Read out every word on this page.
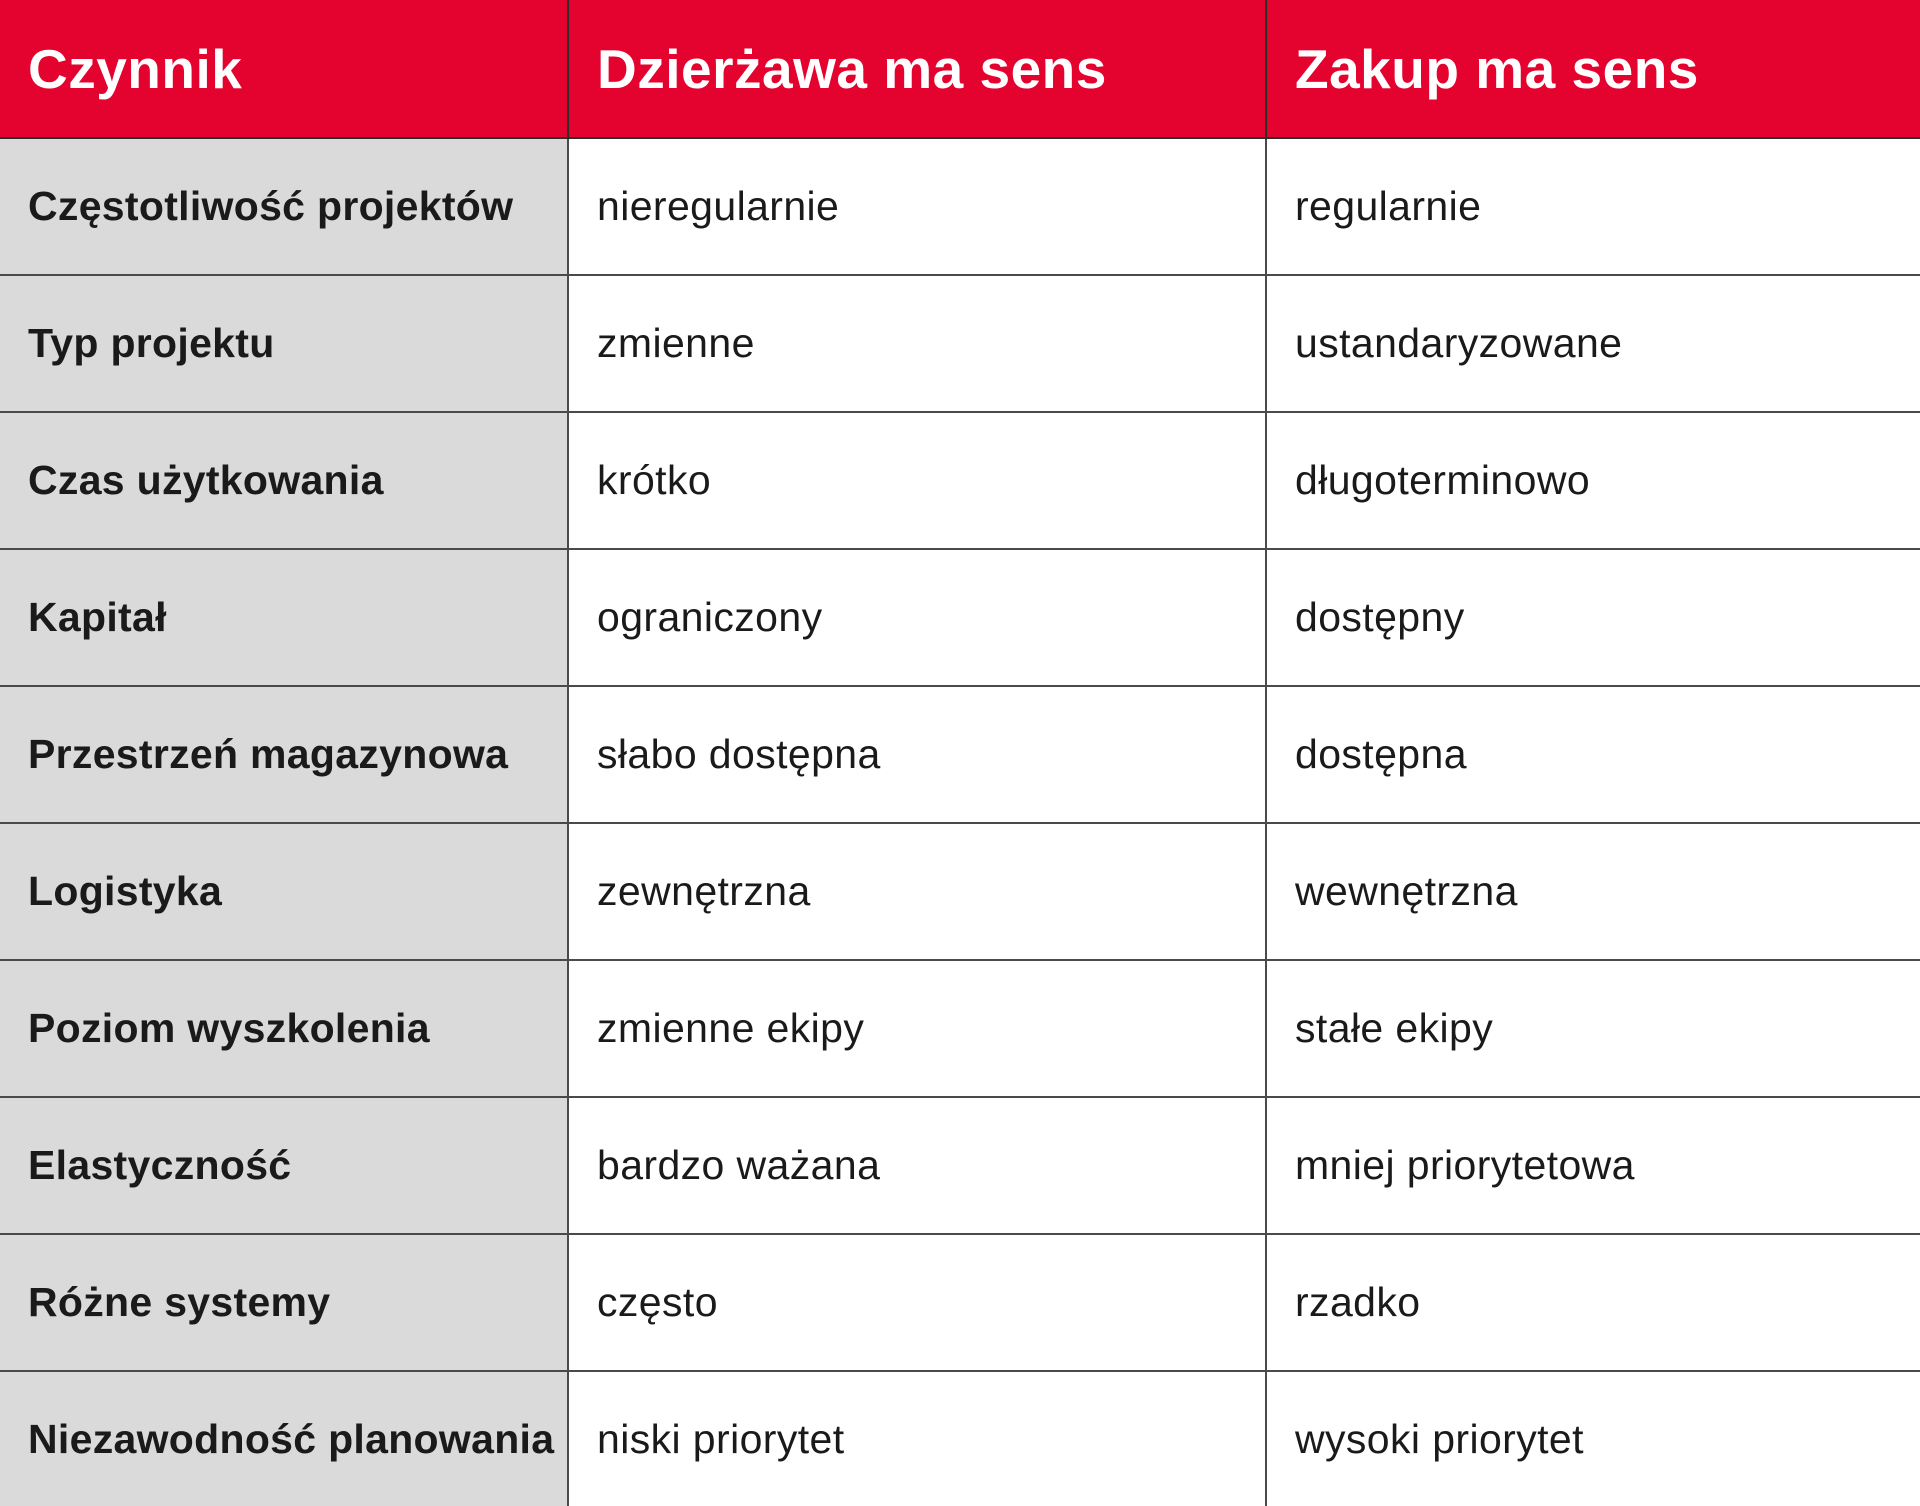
Czynnik	Dzierżawa ma sens	Zakup ma sens
Częstotliwość projektów	nieregularnie	regularnie
Typ projektu	zmienne	ustandaryzowane
Czas użytkowania	krótko	długoterminowo
Kapitał	ograniczony	dostępny
Przestrzeń magazynowa	słabo dostępna	dostępna
Logistyka	zewnętrzna	wewnętrzna
Poziom wyszkolenia	zmienne ekipy	stałe ekipy
Elastyczność	bardzo ważana	mniej priorytetowa
Różne systemy	często	rzadko
Niezawodność planowania	niski priorytet	wysoki priorytet
